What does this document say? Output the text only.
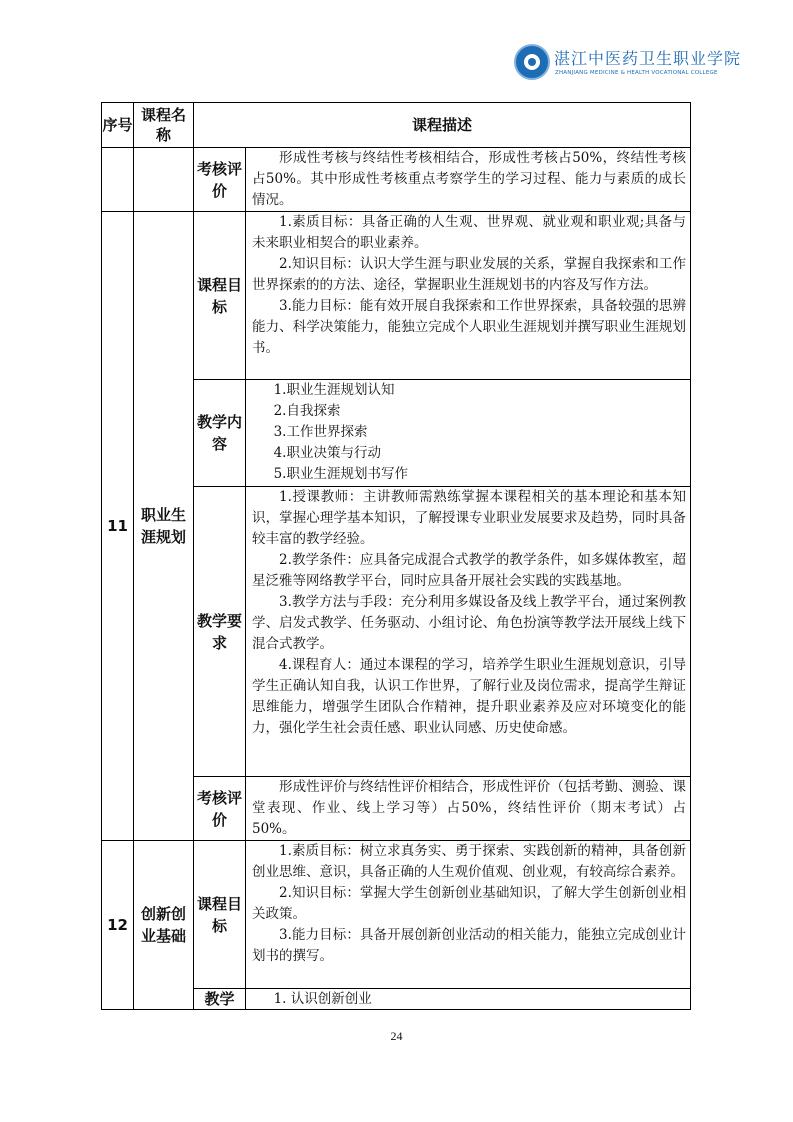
湛江中医药卫生职业学院
ZHANJIANG MEDICINE & HEALTH VOCATIONAL COLLEGE
序号	课程名称	课程描述	
		考核评价	形成性考核与终结性考核相结合，形成性考核占50%，终结性考核占50%。其中形成性考核重点考察学生的学习过程、能力与素质的成长情况。

11	职业生涯规划	课程目标	1.素质目标：具备正确的人生观、世界观、就业观和职业观;具备与未来职业相契合的职业素养。

2.知识目标：认识大学生涯与职业发展的关系，掌握自我探索和工作世界探索的的方法、途径，掌握职业生涯规划书的内容及写作方法。

3.能力目标：能有效开展自我探索和工作世界探索，具备较强的思辨能力、科学决策能力，能独立完成个人职业生涯规划并撰写职业生涯规划书。

		教学内容	1.职业生涯规划认知

2.自我探索

3.工作世界探索

4.职业决策与行动

5.职业生涯规划书写作

		教学要求	1.授课教师：主讲教师需熟练掌握本课程相关的基本理论和基本知识，掌握心理学基本知识，了解授课专业职业发展要求及趋势，同时具备较丰富的教学经验。

2.教学条件：应具备完成混合式教学的教学条件，如多媒体教室，超星泛雅等网络教学平台，同时应具备开展社会实践的实践基地。

3.教学方法与手段：充分利用多媒设备及线上教学平台，通过案例教学、启发式教学、任务驱动、小组讨论、角色扮演等教学法开展线上线下混合式教学。

4.课程育人：通过本课程的学习，培养学生职业生涯规划意识，引导学生正确认知自我，认识工作世界，了解行业及岗位需求，提高学生辩证思维能力，增强学生团队合作精神，提升职业素养及应对环境变化的能力，强化学生社会责任感、职业认同感、历史使命感。

		考核评价	形成性评价与终结性评价相结合，形成性评价（包括考勤、测验、课堂表现、作业、线上学习等）占50%，终结性评价（期末考试）占50%。

12	创新创业基础	课程目标	1.素质目标：树立求真务实、勇于探索、实践创新的精神，具备创新创业思维、意识，具备正确的人生观价值观、创业观，有较高综合素养。

2.知识目标：掌握大学生创新创业基础知识，了解大学生创新创业相关政策。

3.能力目标：具备开展创新创业活动的相关能力，能独立完成创业计划书的撰写。

		教学	1. 认识创新创业

24
